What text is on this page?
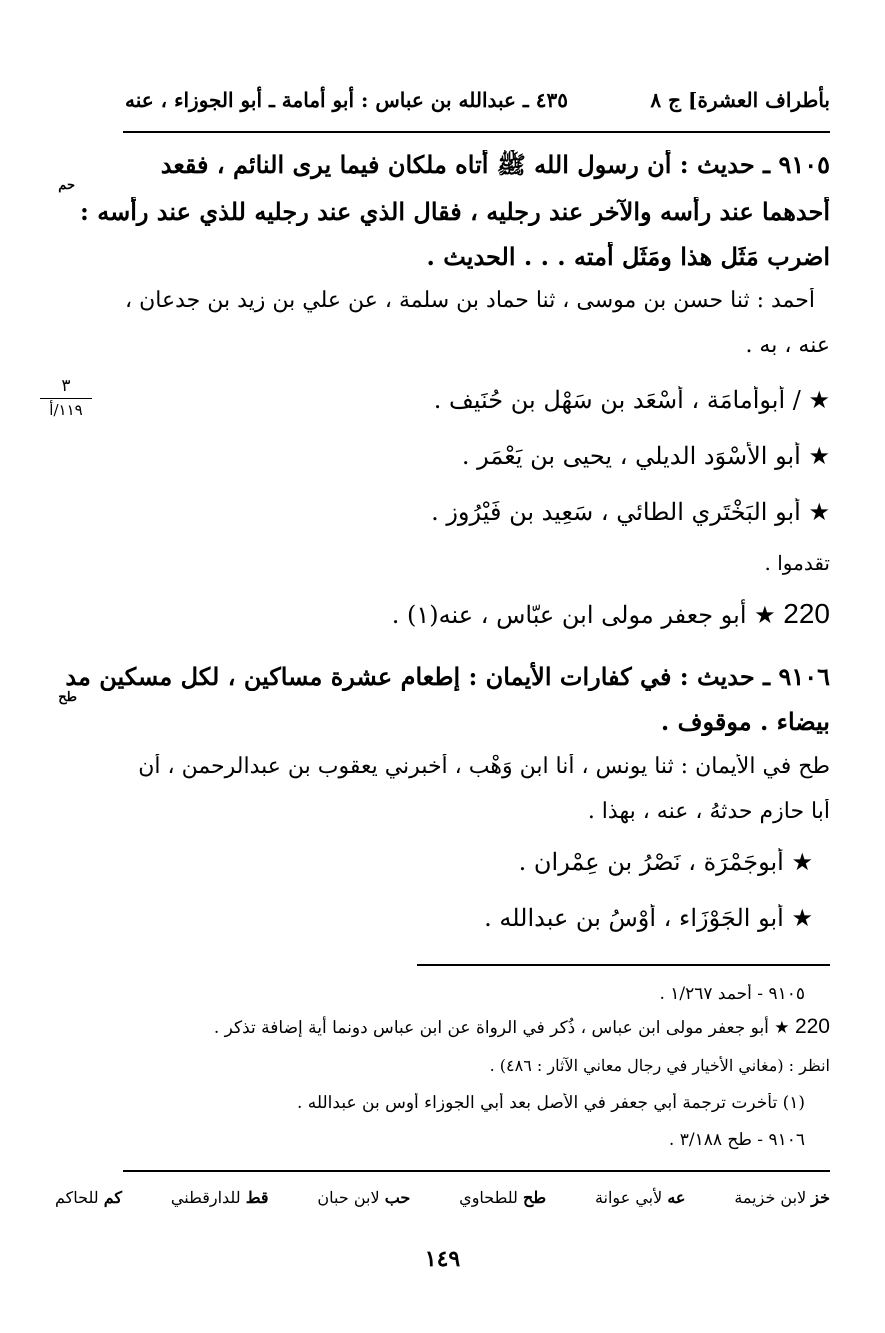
بأطراف العشرة] ج ٨
٤٣٥ ـ عبدالله بن عباس : أبو أمامة ـ أبو الجوزاء ، عنه
٩١٠٥ ـ حديث : أن رسول الله ﷺ أتاه ملكان فيما يرى النائم ، فقعد
حم
أحدهما عند رأسه والآخر عند رجليه ، فقال الذي عند رجليه للذي عند رأسه :
اضرب مَثَل هذا ومَثَل أمته . . . الحديث .
أحمد : ثنا حسن بن موسى ، ثنا حماد بن سلمة ، عن علي بن زيد بن جدعان ،
عنه ، به .
٣
١١٩/أ	★ / أبوأُمامَة ، أَسْعَد بن سَهْل بن حُنَيف .
★ أبو الأَسْوَد الديلي ، يحيى بن يَعْمَر .
★ أبو البَخْتَري الطائي ، سَعِيد بن فَيْرُوز .
تقدموا .
220 ★ أبو جعفر مولى ابن عبّاس ، عنه(١) .
٩١٠٦ ـ حديث : في كفارات الأيمان : إطعام عشرة مساكين ، لكل مسكين مد
طح
بيضاء . موقوف .
طح في الأيمان : ثنا يونس ، أنا ابن وَهْب ، أخبرني يعقوب بن عبدالرحمن ، أن
أبا حازم حدثهُ ، عنه ، بهذا .
★ أبوجَمْرَة ، نَصْرُ بن عِمْران .
★ أبو الجَوْزَاء ، أَوْسُ بن عبدالله .
٩١٠٥ - أحمد ١/٢٦٧ .
220 ★ أبو جعفر مولى ابن عباس ، ذُكر في الرواة عن ابن عباس دونما أية إضافة تذكر .
انظر : (مغاني الأخيار في رجال معاني الآثار : ٤٨٦) .
(١) تأخرت ترجمة أبي جعفر في الأصل بعد أبي الجوزاء أوس بن عبدالله .
٩١٠٦ - طح ٣/١٨٨ .
خز لابن خزيمة
عه لأبي عوانة
طح للطحاوي
حب لابن حبان
قط للدارقطني
كم للحاكم
١٤٩
